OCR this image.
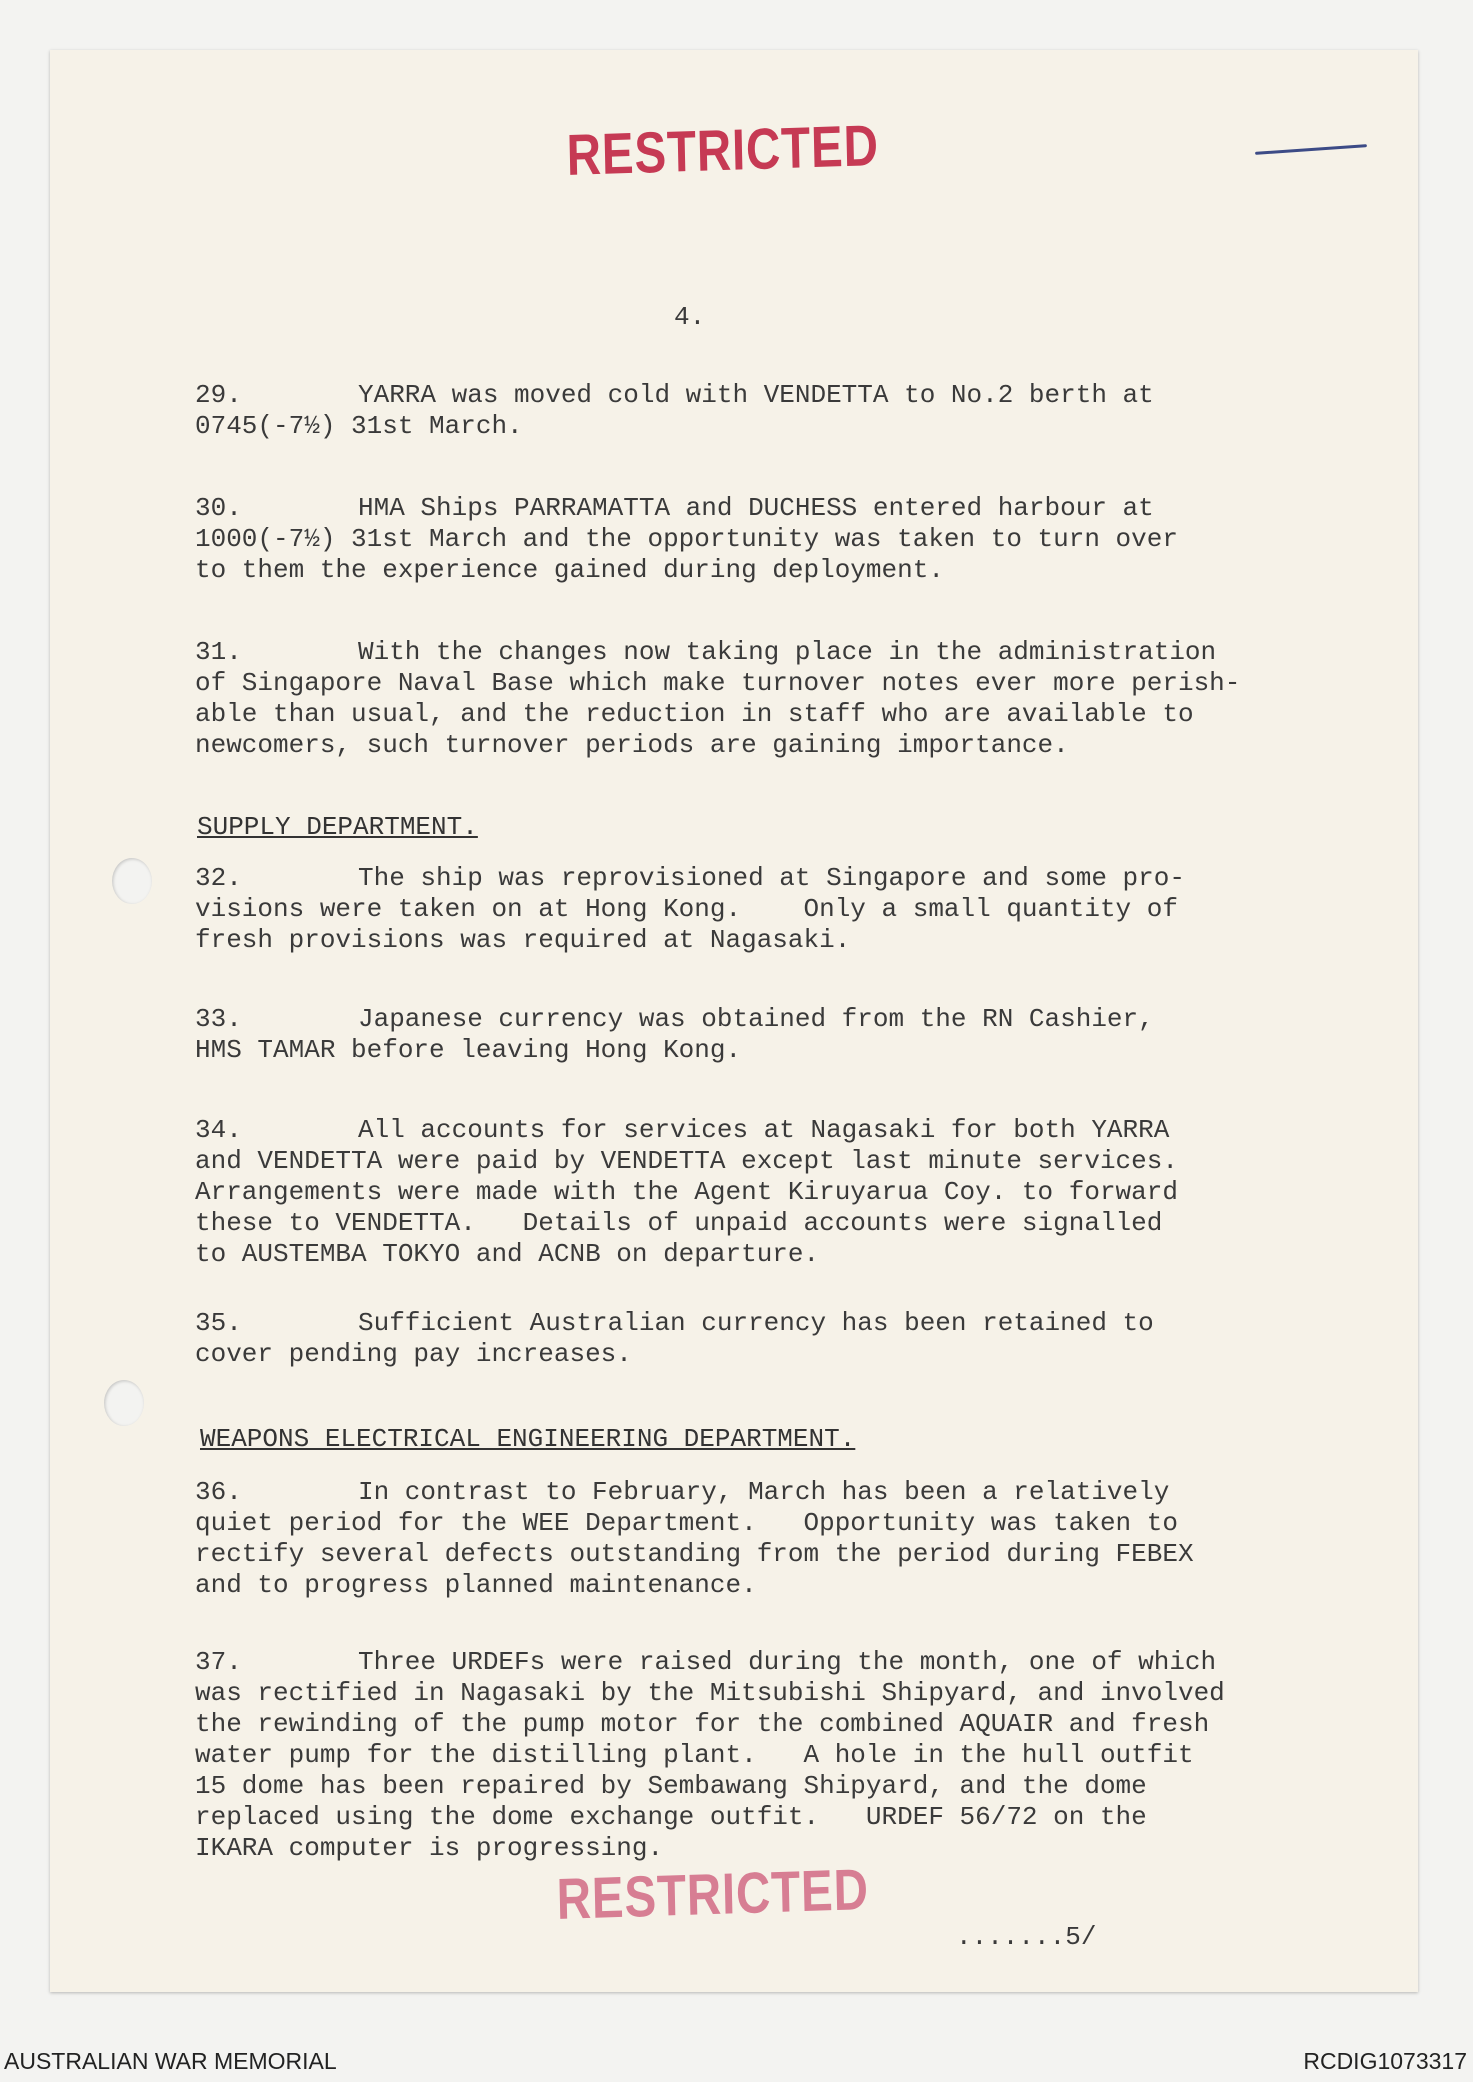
RESTRICTED
4.
29.	YARRA was moved cold with VENDETTA to No.2 berth at
0745(-7½) 31st March.
30.	HMA Ships PARRAMATTA and DUCHESS entered harbour at
1000(-7½) 31st March and the opportunity was taken to turn over
to them the experience gained during deployment.
31.	With the changes now taking place in the administration
of Singapore Naval Base which make turnover notes ever more perish-
able than usual, and the reduction in staff who are available to
newcomers, such turnover periods are gaining importance.
32.	The ship was reprovisioned at Singapore and some pro-
visions were taken on at Hong Kong.    Only a small quantity of
fresh provisions was required at Nagasaki.
33.	Japanese currency was obtained from the RN Cashier,
HMS TAMAR before leaving Hong Kong.
34.	All accounts for services at Nagasaki for both YARRA
and VENDETTA were paid by VENDETTA except last minute services.
Arrangements were made with the Agent Kiruyarua Coy. to forward
these to VENDETTA.   Details of unpaid accounts were signalled
to AUSTEMBA TOKYO and ACNB on departure.
35.	Sufficient Australian currency has been retained to
cover pending pay increases.
36.	In contrast to February, March has been a relatively
quiet period for the WEE Department.   Opportunity was taken to
rectify several defects outstanding from the period during FEBEX
and to progress planned maintenance.
37.	Three URDEFs were raised during the month, one of which
was rectified in Nagasaki by the Mitsubishi Shipyard, and involved
the rewinding of the pump motor for the combined AQUAIR and fresh
water pump for the distilling plant.   A hole in the hull outfit
15 dome has been repaired by Sembawang Shipyard, and the dome
replaced using the dome exchange outfit.   URDEF 56/72 on the
IKARA computer is progressing.
SUPPLY DEPARTMENT.
WEAPONS ELECTRICAL ENGINEERING DEPARTMENT.
RESTRICTED
.......5/
AUSTRALIAN WAR MEMORIAL	RCDIG1073317
